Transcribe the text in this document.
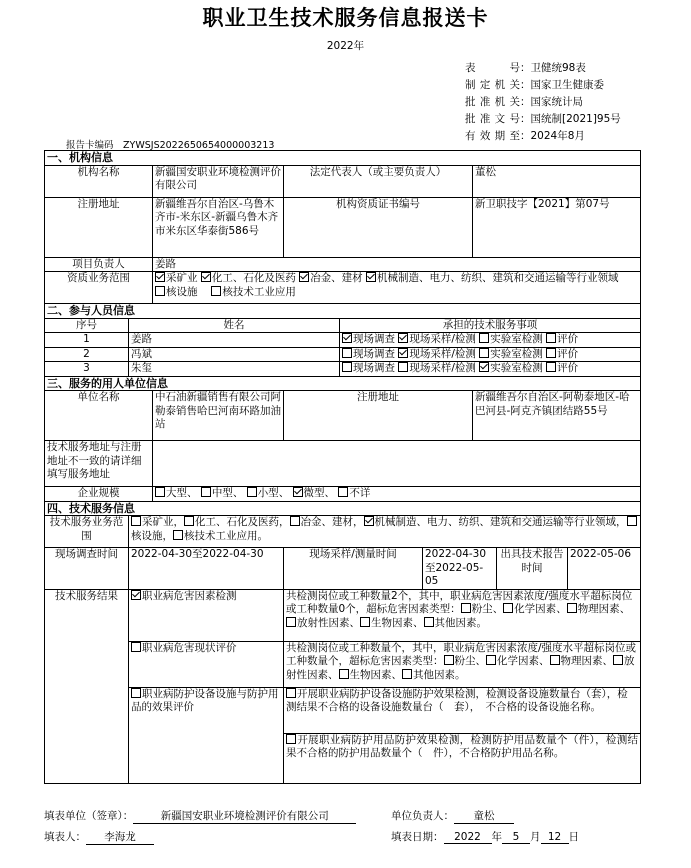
职业卫生技术服务信息报送卡
2022年
表　　号：卫健统98表
制定机关：国家卫生健康委
批准机关：国家统计局
批准文号：国统制[2021]95号
有效期至：2024年8月
报告卡编码　 ZYWSJS2022650654000003213
一、机构信息								
机构名称		新疆国安职业环境检测评价有限公司	法定代表人（或主要负责人）			董松		
注册地址		新疆维吾尔自治区-乌鲁木齐市-米东区-新疆乌鲁木齐市米东区华泰街586号	机构资质证书编号			新卫职技字【2021】第07号		
项目负责人		姜路						
资质业务范围		采矿业 化工、石化及医药 冶金、建材 机械制造、电力、纺织、建筑和交通运输等行业领域　 核设施　 核技术工业应用						
二、参与人员信息								
序号	姓名			承担的技术服务事项				
1	姜路			现场调查 现场采样/检测 实验室检测 评价				
2	冯斌			现场调查 现场采样/检测 实验室检测 评价				
3	朱玺			现场调查 现场采样/检测 实验室检测 评价				
三、服务的用人单位信息								
单位名称		中石油新疆销售有限公司阿勒泰销售哈巴河南环路加油站	注册地址			新疆维吾尔自治区-阿勒泰地区-哈巴河县-阿克齐镇团结路55号		
技术服务地址与注册地址不一致的请详细填写服务地址								
企业规模		大型、 中型、 小型、 微型、 不详						
四、技术服务信息								
技术服务业务范围	采矿业， 化工、石化及医药， 冶金、建材， 机械制造、电力、纺织、建筑和交通运输等行业领域，核设施， 核技术工业应用。							
现场调查时间	2022-04-30至2022-04-30		现场采样/测量时间		2022-04-30至2022-05-05		出具技术报告时间	2022-05-06
技术服务结果	职业病危害因素检测		共检测岗位或工种数量2个，其中，职业病危害因素浓度/强度水平超标岗位或工种数量0个，超标危害因素类型： 粉尘、 化学因素、 物理因素、放射性因素、 生物因素、 其他因素。					
	职业病危害现状评价		共检测岗位或工种数量个，其中，职业病危害因素浓度/强度水平超标岗位或工种数量个，超标危害因素类型： 粉尘、 化学因素、 物理因素、 放射性因素、 生物因素、 其他因素。					
	职业病防护设备设施与防护用品的效果评价		开展职业病防护设备设施防护效果检测，检测设备设施数量台（套），检测结果不合格的设备设施数量台（　套），　不合格的设备设施名称。					
			开展职业病防护用品防护效果检测，检测防护用品数量个（件），检测结果不合格的防护用品数量个（　件），不合格防护用品名称。					
填表单位（签章）：	新疆国安职业环境检测评价有限公司	单位负责人： 童松
填表人： 李海龙	填表日期： 2022 年 5 月 12 日
